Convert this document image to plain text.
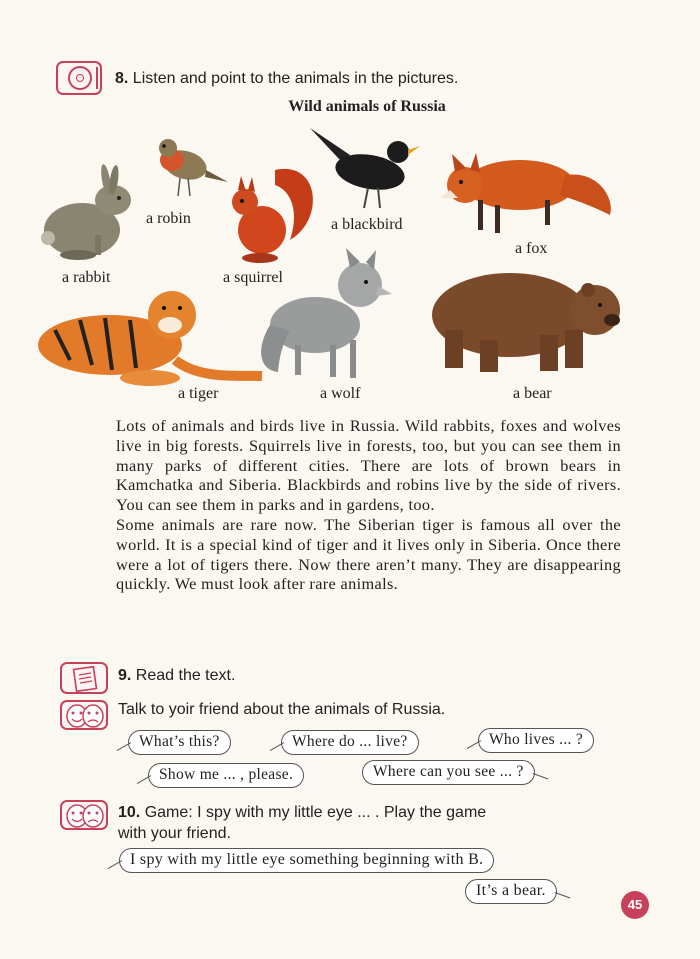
8. Listen and point to the animals in the pictures.
Wild animals of Russia
a robin	a blackbird
a fox
a rabbit	a squirrel
a tiger	a wolf	a bear

Lots of animals and birds live in Russia. Wild rabbits, foxes and wolves live in big forests. Squirrels live in forests, too, but you can see them in many parks of different cities. There are lots of brown bears in Kamchatka and Siberia. Blackbirds and robins live by the side of rivers. You can see them in parks and in gardens, too.

Some animals are rare now. The Siberian tiger is famous all over the world. It is a special kind of tiger and it lives only in Siberia. Once there were a lot of tigers there. Now there aren’t many. They are disappearing quickly. We must look after rare animals.

9. Read the text.
Talk to yoir friend about the animals of Russia.
What’s this?	Where do ... live?	Who lives ... ?
Show me ... , please.	Where can you see ... ?
10. Game: I spy with my little eye ... . Play the game
with your friend.
I spy with my little eye something beginning with B.
It’s a bear.
45
